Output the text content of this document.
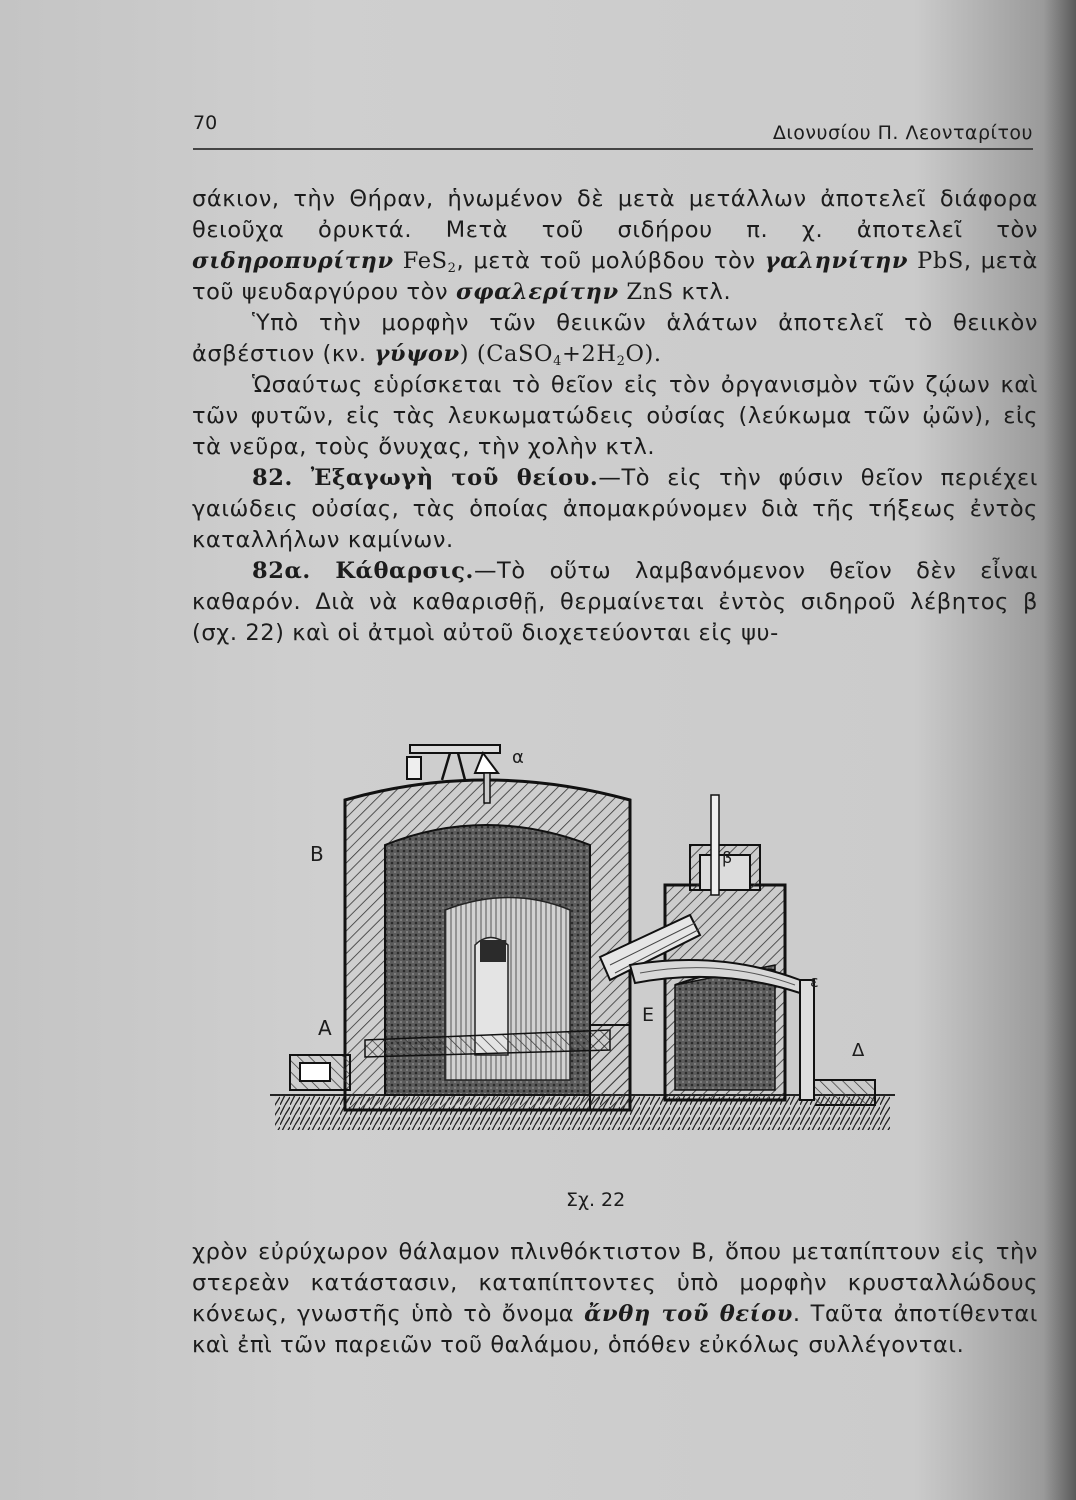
70	Διονυσίου Π. Λεονταρίτου

σάκιον, τὴν Θήραν, ἡνωμένον δὲ μετὰ μετάλλων ἀποτελεῖ διάφορα θειοῦχα ὀρυκτά. Μετὰ τοῦ σιδήρου π. χ. ἀποτελεῖ τὸν σιδηροπυρίτην FeS$_2$, μετὰ τοῦ μολύβδου τὸν γαληνίτην PbS, μετὰ τοῦ ψευδαργύρου τὸν σφαλερίτην ZnS κτλ.

Ὑπὸ τὴν μορφὴν τῶν θειικῶν ἁλάτων ἀποτελεῖ τὸ θειικὸν ἀσβέστιον (κν. γύψον) $(CaSO_4+2H_2O)$.

Ὡσαύτως εὑρίσκεται τὸ θεῖον εἰς τὸν ὀργανισμὸν τῶν ζῴων καὶ τῶν φυτῶν, εἰς τὰς λευκωματώδεις οὐσίας (λεύκωμα τῶν ᾠῶν), εἰς τὰ νεῦρα, τοὺς ὄνυχας, τὴν χολὴν κτλ.

82. Ἐξαγωγὴ τοῦ θείου.—Τὸ εἰς τὴν φύσιν θεῖον περιέχει γαιώδεις οὐσίας, τὰς ὁποίας ἀπομακρύνομεν διὰ τῆς τήξεως ἐντὸς καταλλήλων καμίνων.

82α. Κάθαρσις.—Τὸ οὕτω λαμβανόμενον θεῖον δὲν εἶναι καθαρόν. Διὰ νὰ καθαρισθῇ, θερμαίνεται ἐντὸς σιδηροῦ λέβητος β (σχ. 22) καὶ οἱ ἀτμοὶ αὐτοῦ διοχετεύονται εἰς ψυ-

α
Β	β
Α
Ε
ε
Δ
Σχ. 22

χρὸν εὐρύχωρον θάλαμον πλινθόκτιστον Β, ὅπου μεταπίπτουν εἰς τὴν στερεὰν κατάστασιν, καταπίπτοντες ὑπὸ μορφὴν κρυσταλλώδους κόνεως, γνωστῆς ὑπὸ τὸ ὄνομα ἄνθη τοῦ θείου. Ταῦτα ἀποτίθενται καὶ ἐπὶ τῶν παρειῶν τοῦ θαλάμου, ὁπόθεν εὐκόλως συλλέγονται.
